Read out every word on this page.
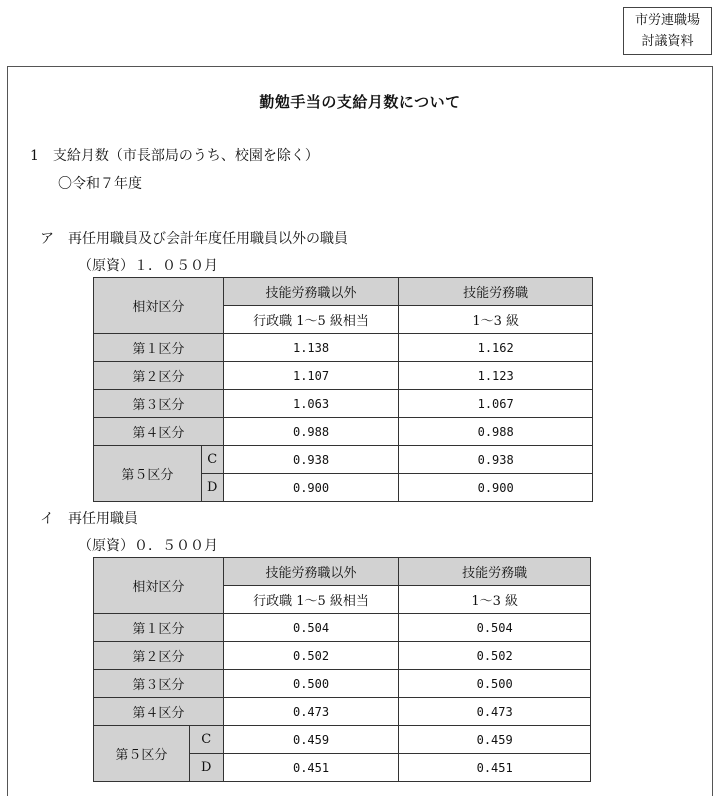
市労連職場
討議資料
勤勉手当の支給月数について
1　支給月数（市長部局のうち、校園を除く）
〇令和７年度
ア　再任用職員及び会計年度任用職員以外の職員
（原資）１．０５０月
相対区分		技能労務職以外	技能労務職
		行政職 1〜5 級相当	1〜3 級
第１区分		1.138	1.162
第２区分		1.107	1.123
第３区分		1.063	1.067
第４区分		0.988	0.988
第５区分	C	0.938	0.938
	D	0.900	0.900
イ　再任用職員
（原資）０．５００月
相対区分		技能労務職以外	技能労務職
		行政職 1〜5 級相当	1〜3 級
第１区分		0.504	0.504
第２区分		0.502	0.502
第３区分		0.500	0.500
第４区分		0.473	0.473
第５区分	C	0.459	0.459
	D	0.451	0.451
